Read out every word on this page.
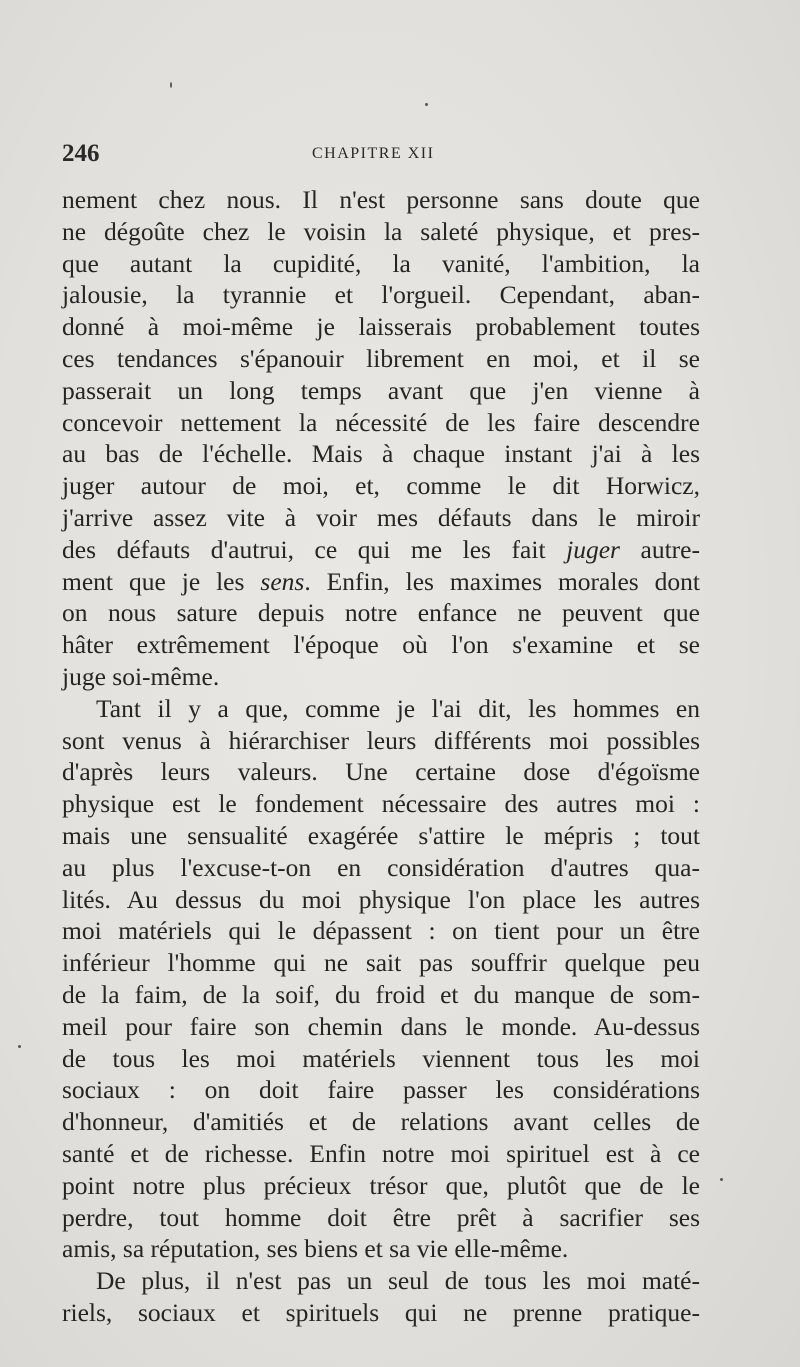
246	CHAPITRE XII
nement chez nous. Il n'est personne sans doute que
ne dégoûte chez le voisin la saleté physique, et pres-
que autant la cupidité, la vanité, l'ambition, la
jalousie, la tyrannie et l'orgueil. Cependant, aban-
donné à moi-même je laisserais probablement toutes
ces tendances s'épanouir librement en moi, et il se
passerait un long temps avant que j'en vienne à
concevoir nettement la nécessité de les faire descendre
au bas de l'échelle. Mais à chaque instant j'ai à les
juger autour de moi, et, comme le dit Horwicz,
j'arrive assez vite à voir mes défauts dans le miroir
des défauts d'autrui, ce qui me les fait juger autre-
ment que je les sens. Enfin, les maximes morales dont
on nous sature depuis notre enfance ne peuvent que
hâter extrêmement l'époque où l'on s'examine et se
juge soi-même.
Tant il y a que, comme je l'ai dit, les hommes en
sont venus à hiérarchiser leurs différents moi possibles
d'après leurs valeurs. Une certaine dose d'égoïsme
physique est le fondement nécessaire des autres moi :
mais une sensualité exagérée s'attire le mépris ; tout
au plus l'excuse-t-on en considération d'autres qua-
lités. Au dessus du moi physique l'on place les autres
moi matériels qui le dépassent : on tient pour un être
inférieur l'homme qui ne sait pas souffrir quelque peu
de la faim, de la soif, du froid et du manque de som-
meil pour faire son chemin dans le monde. Au-dessus
de tous les moi matériels viennent tous les moi
sociaux : on doit faire passer les considérations
d'honneur, d'amitiés et de relations avant celles de
santé et de richesse. Enfin notre moi spirituel est à ce
point notre plus précieux trésor que, plutôt que de le
perdre, tout homme doit être prêt à sacrifier ses
amis, sa réputation, ses biens et sa vie elle-même.
De plus, il n'est pas un seul de tous les moi maté-
riels, sociaux et spirituels qui ne prenne pratique-
